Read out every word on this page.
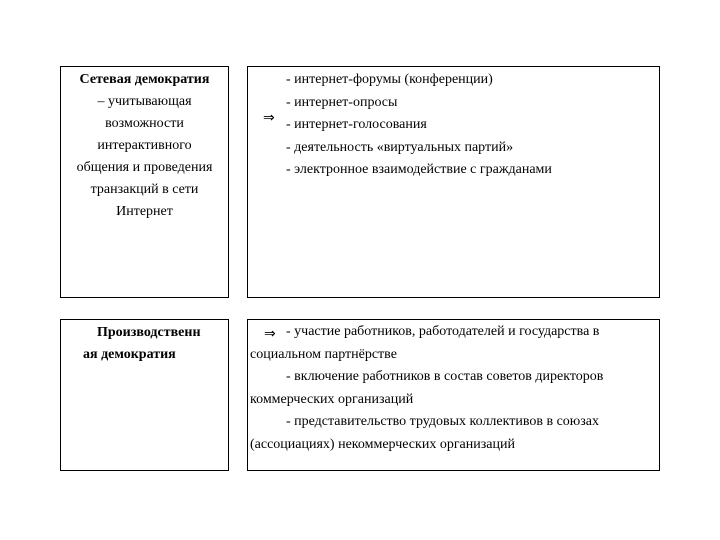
Сетевая демократия
– учитывающая
возможности
интерактивного
общения и проведения
транзакций в сети
Интернет
⇒
- интернет-форумы (конференции)
- интернет-опросы
- интернет-голосования
- деятельность «виртуальных партий»
- электронное взаимодействие с гражданами
Производственн
ая демократия
⇒ - участие работников, работодателей и государства в социальном партнёрстве

- включение работников в состав советов директоров коммерческих организаций

- представительство трудовых коллективов в союзах (ассоциациях) некоммерческих организаций
